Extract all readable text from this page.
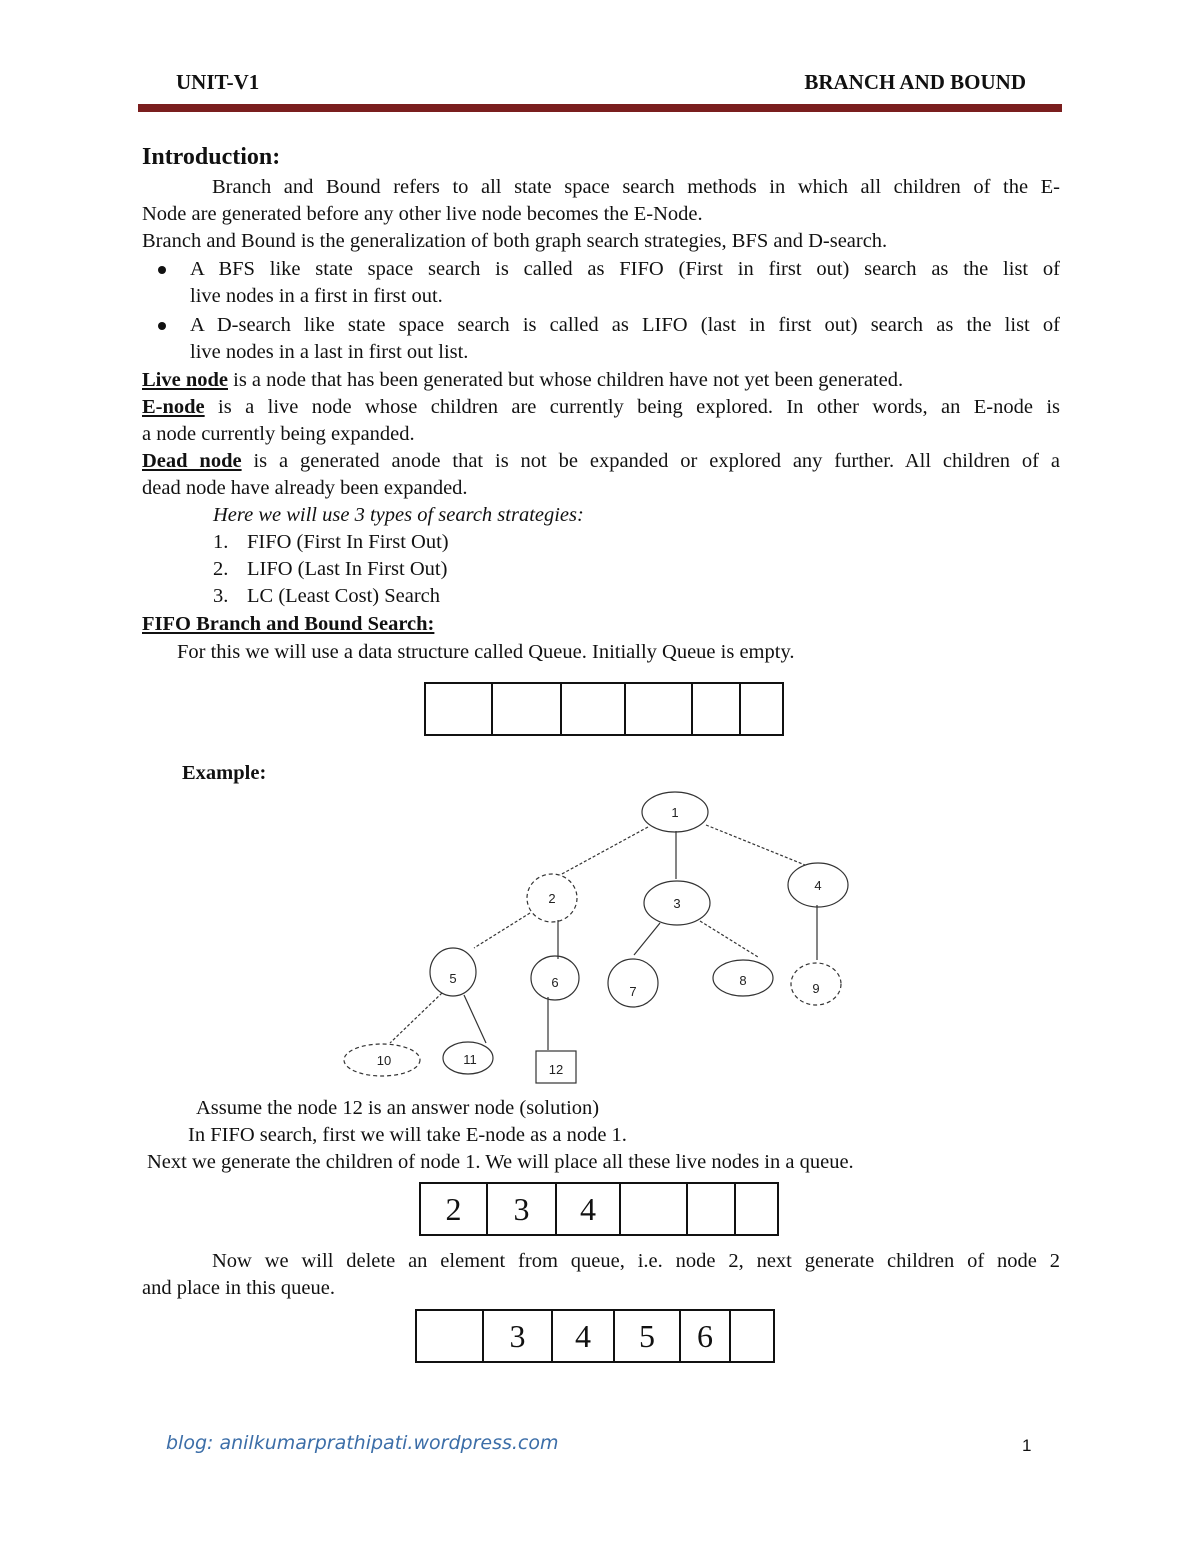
UNIT-V1	BRANCH AND BOUND
Introduction:
Branch and Bound refers to all state space search methods in which all children of the E-
Node are generated before any other live node becomes the E-Node.
Branch and Bound is the generalization of both graph search strategies, BFS and D-search.
A BFS like state space search is called as FIFO (First in first out) search as the list of
live nodes in a first in first out.
A D-search like state space search is called as LIFO (last in first out) search as the list of
live nodes in a last in first out list.
Live node is a node that has been generated but whose children have not yet been generated.
E-node is a live node whose children are currently being explored. In other words, an E-node is
a node currently being expanded.
Dead node is a generated anode that is not be expanded or explored any further. All children of a
dead node have already been expanded.
Here we will use 3 types of search strategies:
1. FIFO (First In First Out)
2. LIFO (Last In First Out)
3. LC (Least Cost) Search
FIFO Branch and Bound Search:
For this we will use a data structure called Queue. Initially Queue is empty.
Example:
1
2	3
4
5	6
7
8
9
10	11
12
Assume the node 12 is an answer node (solution)
In FIFO search, first we will take E-node as a node 1.
Next we generate the children of node 1. We will place all these live nodes in a queue.
2	3	4
Now we will delete an element from queue, i.e. node 2, next generate children of node 2
and place in this queue.
3	4	5	6
blog: anilkumarprathipati.wordpress.com	1
